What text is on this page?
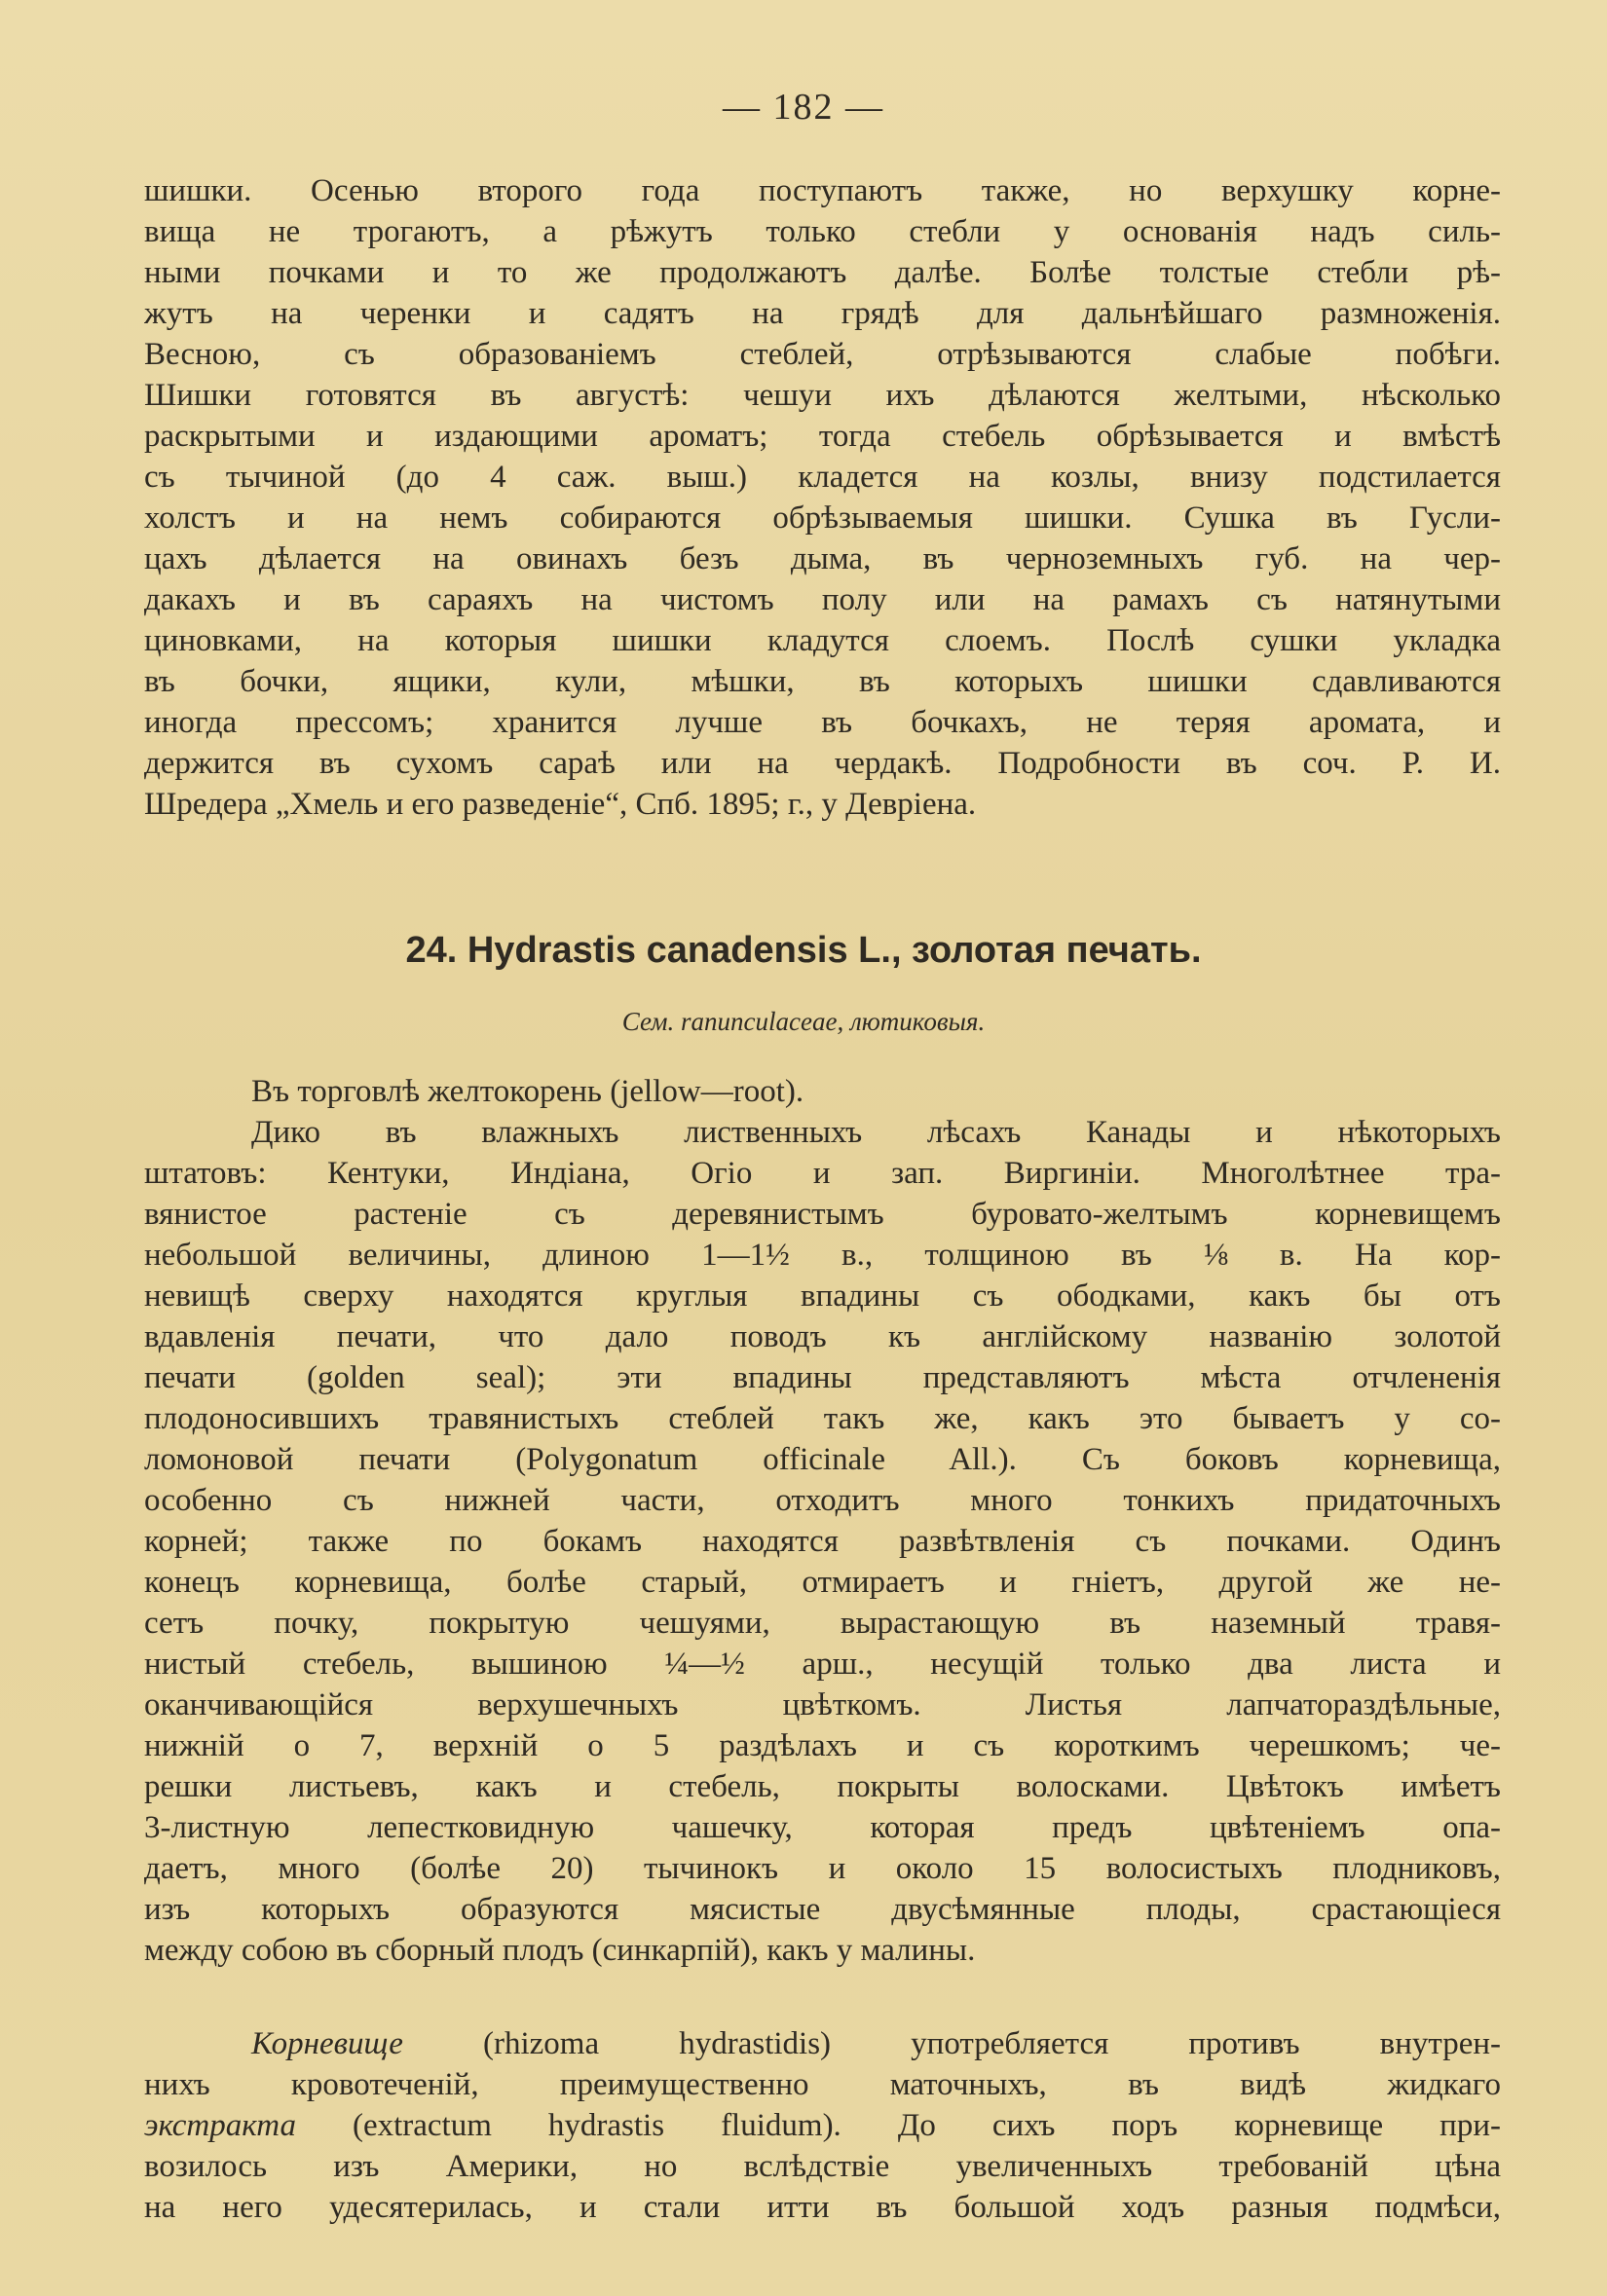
— 182 —
шишки. Осенью второго года поступаютъ также, но верхушку корне-
вища не трогаютъ, а рѣжутъ только стебли у основанія надъ силь-
ными почками и то же продолжаютъ далѣе. Болѣе толстые стебли рѣ-
жутъ на черенки и садятъ на грядѣ для дальнѣйшаго размноженія.
Весною, съ образованіемъ стеблей, отрѣзываются слабые побѣги.
Шишки готовятся въ августѣ: чешуи ихъ дѣлаются желтыми, нѣсколько
раскрытыми и издающими ароматъ; тогда стебель обрѣзывается и вмѣстѣ
съ тычиной (до 4 саж. выш.) кладется на козлы, внизу подстилается
холстъ и на немъ собираются обрѣзываемыя шишки. Сушка въ Гусли-
цахъ дѣлается на овинахъ безъ дыма, въ черноземныхъ губ. на чер-
дакахъ и въ сараяхъ на чистомъ полу или на рамахъ съ натянутыми
циновками, на которыя шишки кладутся слоемъ. Послѣ сушки укладка
въ бочки, ящики, кули, мѣшки, въ которыхъ шишки сдавливаются
иногда прессомъ; хранится лучше въ бочкахъ, не теряя аромата, и
держится въ сухомъ сараѣ или на чердакѣ. Подробности въ соч. Р. И.
Шредера „Хмель и его разведеніе“, Спб. 1895; г., у Девріена.
24. Hydrastis canadensis L., золотая печать.
Сем. ranunculaceae, лютиковыя.
Въ торговлѣ желтокорень (jellow—root).
Дико въ влажныхъ лиственныхъ лѣсахъ Канады и нѣкоторыхъ
штатовъ: Кентуки, Индіана, Огіо и зап. Виргиніи. Многолѣтнее тра-
вянистое растеніе съ деревянистымъ буровато-желтымъ корневищемъ
небольшой величины, длиною 1—1½ в., толщиною въ ⅛ в. На кор-
невищѣ сверху находятся круглыя впадины съ ободками, какъ бы отъ
вдавленія печати, что дало поводъ къ англійскому названію золотой
печати (golden seal); эти впадины представляютъ мѣста отчлененія
плодоносившихъ травянистыхъ стеблей такъ же, какъ это бываетъ у со-
ломоновой печати (Polygonatum officinale All.). Съ боковъ корневища,
особенно съ нижней части, отходитъ много тонкихъ придаточныхъ
корней; также по бокамъ находятся развѣтвленія съ почками. Одинъ
конецъ корневища, болѣе старый, отмираетъ и гніетъ, другой же не-
сетъ почку, покрытую чешуями, вырастающую въ наземный травя-
нистый стебель, вышиною ¼—½ арш., несущій только два листа и
оканчивающійся верхушечныхъ цвѣткомъ. Листья лапчатораздѣльные,
нижній о 7, верхній о 5 раздѣлахъ и съ короткимъ черешкомъ; че-
решки листьевъ, какъ и стебель, покрыты волосками. Цвѣтокъ имѣетъ
3-листную лепестковидную чашечку, которая предъ цвѣтеніемъ опа-
даетъ, много (болѣе 20) тычинокъ и около 15 волосистыхъ плодниковъ,
изъ которыхъ образуются мясистые двусѣмянные плоды, срастающіеся
между собою въ сборный плодъ (синкарпій), какъ у малины.
Корневище (rhizoma hydrastidis) употребляется противъ внутрен-
нихъ кровотеченій, преимущественно маточныхъ, въ видѣ жидкаго
экстракта (extractum hydrastis fluidum). До сихъ поръ корневище при-
возилось изъ Америки, но вслѣдствіе увеличенныхъ требованій цѣна
на него удесятерилась, и стали итти въ большой ходъ разныя подмѣси,
